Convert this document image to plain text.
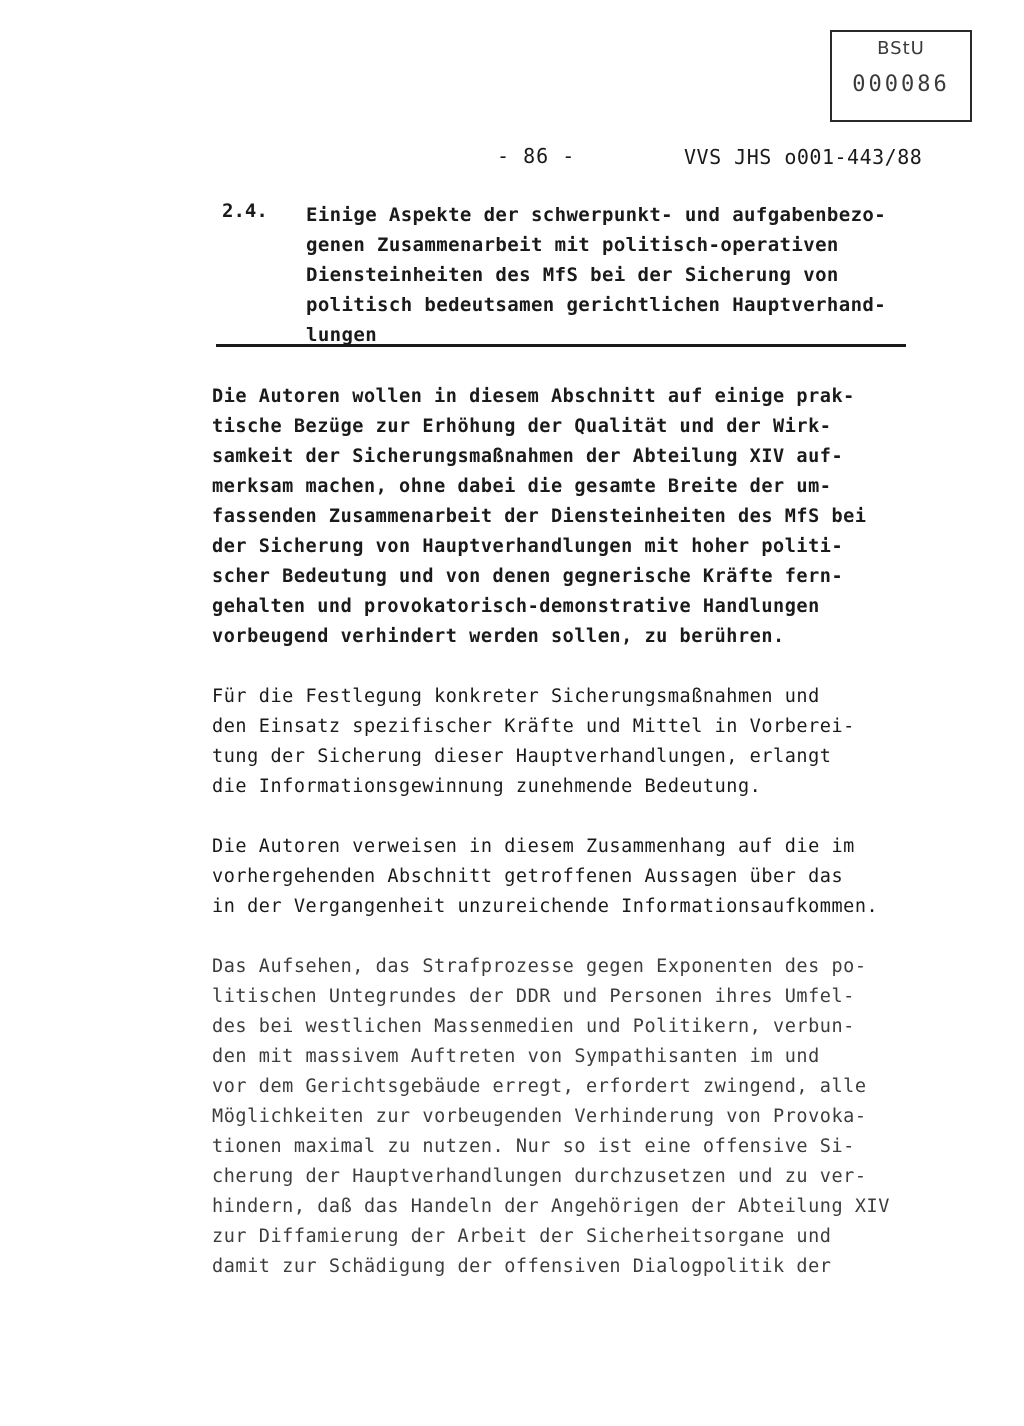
BStU
000086
- 86 -	VVS JHS o001-443/88
2.4. Einige Aspekte der schwerpunkt- und aufgabenbezo-
genen Zusammenarbeit mit politisch-operativen
Diensteinheiten des MfS bei der Sicherung von
politisch bedeutsamen gerichtlichen Hauptverhand-
lungen
Die Autoren wollen in diesem Abschnitt auf einige prak-
tische Bezüge zur Erhöhung der Qualität und der Wirk-
samkeit der Sicherungsmaßnahmen der Abteilung XIV auf-
merksam machen, ohne dabei die gesamte Breite der um-
fassenden Zusammenarbeit der Diensteinheiten des MfS bei
der Sicherung von Hauptverhandlungen mit hoher politi-
scher Bedeutung und von denen gegnerische Kräfte fern-
gehalten und provokatorisch-demonstrative Handlungen
vorbeugend verhindert werden sollen, zu berühren.
Für die Festlegung konkreter Sicherungsmaßnahmen und
den Einsatz spezifischer Kräfte und Mittel in Vorberei-
tung der Sicherung dieser Hauptverhandlungen, erlangt
die Informationsgewinnung zunehmende Bedeutung.
Die Autoren verweisen in diesem Zusammenhang auf die im
vorhergehenden Abschnitt getroffenen Aussagen über das
in der Vergangenheit unzureichende Informationsaufkommen.
Das Aufsehen, das Strafprozesse gegen Exponenten des po-
litischen Untegrundes der DDR und Personen ihres Umfel-
des bei westlichen Massenmedien und Politikern, verbun-
den mit massivem Auftreten von Sympathisanten im und
vor dem Gerichtsgebäude erregt, erfordert zwingend, alle
Möglichkeiten zur vorbeugenden Verhinderung von Provoka-
tionen maximal zu nutzen. Nur so ist eine offensive Si-
cherung der Hauptverhandlungen durchzusetzen und zu ver-
hindern, daß das Handeln der Angehörigen der Abteilung XIV
zur Diffamierung der Arbeit der Sicherheitsorgane und
damit zur Schädigung der offensiven Dialogpolitik der
